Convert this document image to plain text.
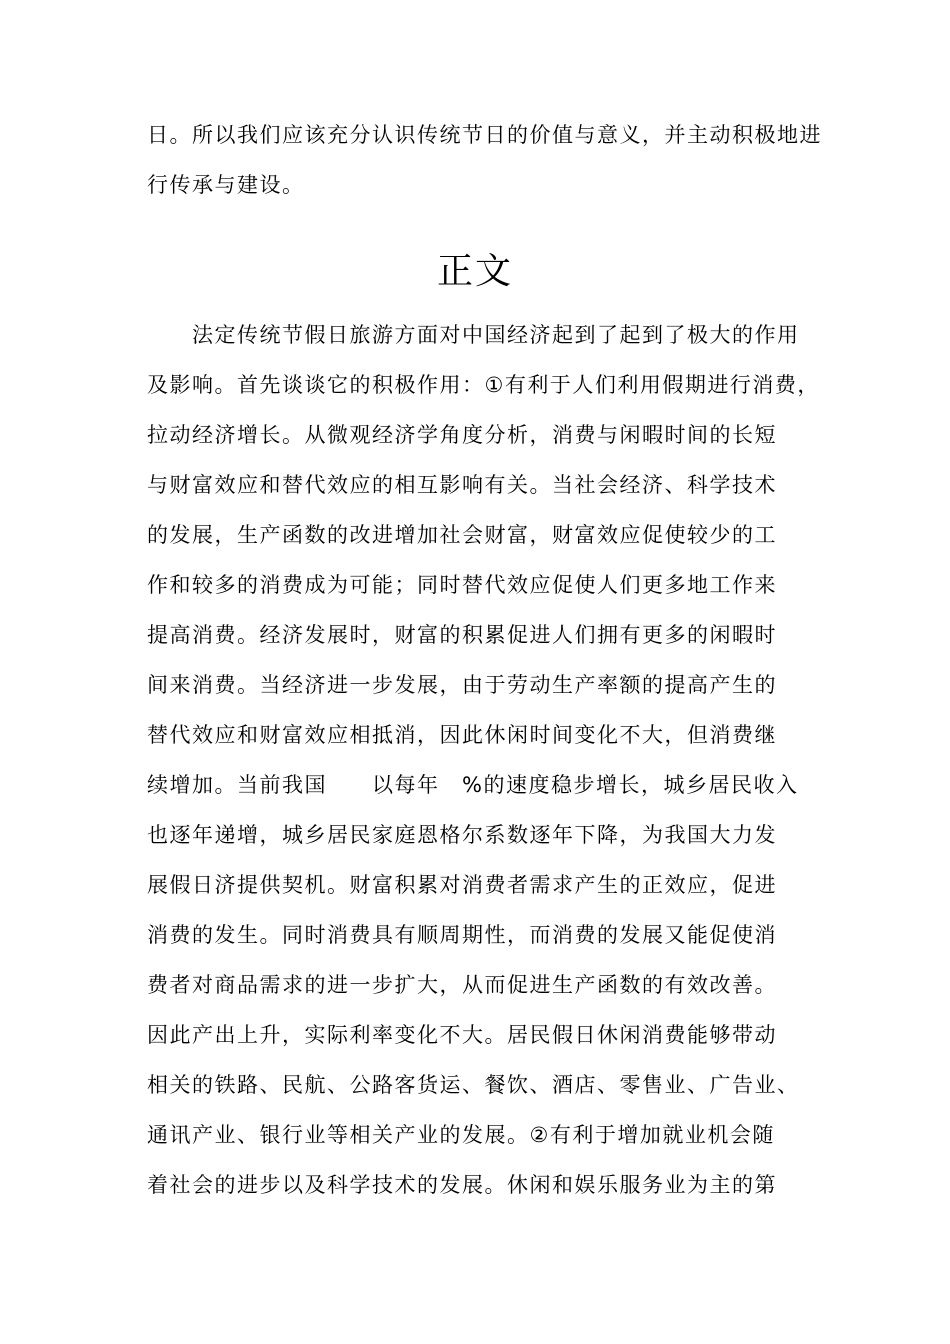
日。所以我们应该充分认识传统节日的价值与意义，并主动积极地进
行传承与建设。
正文
　　法定传统节假日旅游方面对中国经济起到了起到了极大的作用
及影响。首先谈谈它的积极作用：①有利于人们利用假期进行消费，
拉动经济增长。从微观经济学角度分析，消费与闲暇时间的长短
与财富效应和替代效应的相互影响有关。当社会经济、科学技术
的发展，生产函数的改进增加社会财富，财富效应促使较少的工
作和较多的消费成为可能；同时替代效应促使人们更多地工作来
提高消费。经济发展时，财富的积累促进人们拥有更多的闲暇时
间来消费。当经济进一步发展，由于劳动生产率额的提高产生的
替代效应和财富效应相抵消，因此休闲时间变化不大，但消费继
续增加。当前我国　　以每年　%的速度稳步增长，城乡居民收入
也逐年递增，城乡居民家庭恩格尔系数逐年下降，为我国大力发
展假日济提供契机。财富积累对消费者需求产生的正效应，促进
消费的发生。同时消费具有顺周期性，而消费的发展又能促使消
费者对商品需求的进一步扩大，从而促进生产函数的有效改善。
因此产出上升，实际利率变化不大。居民假日休闲消费能够带动
相关的铁路、民航、公路客货运、餐饮、酒店、零售业、广告业、
通讯产业、银行业等相关产业的发展。②有利于增加就业机会随
着社会的进步以及科学技术的发展。休闲和娱乐服务业为主的第
